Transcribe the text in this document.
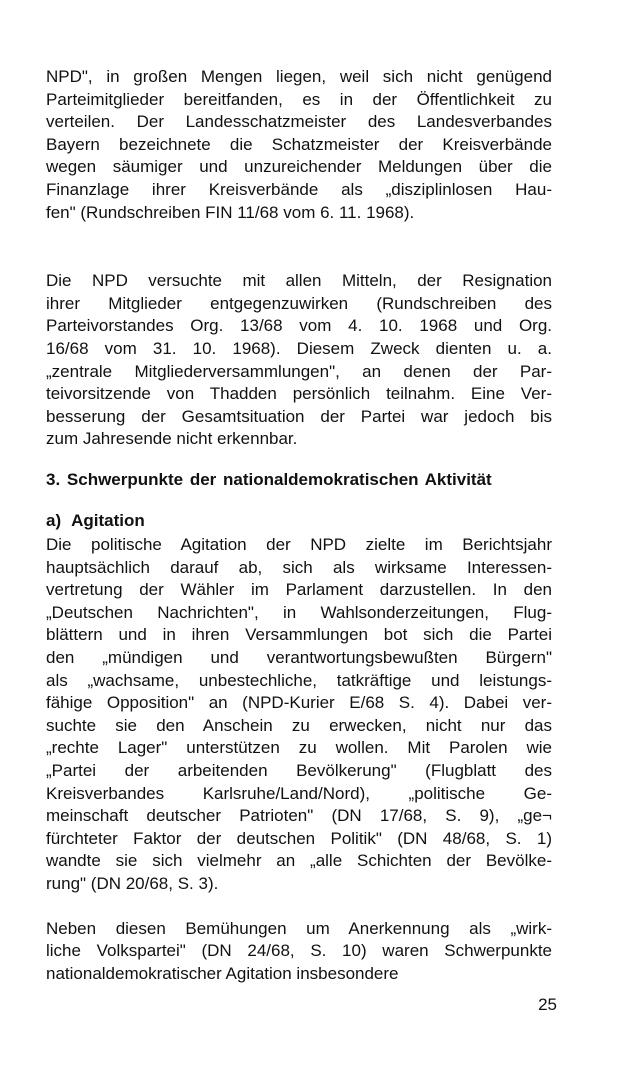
NPD", in großen Mengen liegen, weil sich nicht genügend
Parteimitglieder bereitfanden, es in der Öffentlichkeit zu
verteilen. Der Landesschatzmeister des Landesverbandes
Bayern bezeichnete die Schatzmeister der Kreisverbände
wegen säumiger und unzureichender Meldungen über die
Finanzlage ihrer Kreisverbände als „disziplinlosen Hau-
fen" (Rundschreiben FIN 11/68 vom 6. 11. 1968).

Die NPD versuchte mit allen Mitteln, der Resignation
ihrer Mitglieder entgegenzuwirken (Rundschreiben des
Parteivorstandes Org. 13/68 vom 4. 10. 1968 und Org.
16/68 vom 31. 10. 1968). Diesem Zweck dienten u. a.
„zentrale Mitgliederversammlungen", an denen der Par-
teivorsitzende von Thadden persönlich teilnahm. Eine Ver-
besserung der Gesamtsituation der Partei war jedoch bis
zum Jahresende nicht erkennbar.

3. Schwerpunkte der nationaldemokratischen Aktivität
a) Agitation

Die politische Agitation der NPD zielte im Berichtsjahr
hauptsächlich darauf ab, sich als wirksame Interessen-
vertretung der Wähler im Parlament darzustellen. In den
„Deutschen Nachrichten", in Wahlsonderzeitungen, Flug-
blättern und in ihren Versammlungen bot sich die Partei
den „mündigen und verantwortungsbewußten Bürgern"
als „wachsame, unbestechliche, tatkräftige und leistungs-
fähige Opposition" an (NPD-Kurier E/68 S. 4). Dabei ver-
suchte sie den Anschein zu erwecken, nicht nur das
„rechte Lager" unterstützen zu wollen. Mit Parolen wie
„Partei der arbeitenden Bevölkerung" (Flugblatt des
Kreisverbandes Karlsruhe/Land/Nord), „politische Ge-
meinschaft deutscher Patrioten" (DN 17/68, S. 9), „ge¬
fürchteter Faktor der deutschen Politik" (DN 48/68, S. 1)
wandte sie sich vielmehr an „alle Schichten der Bevölke-
rung" (DN 20/68, S. 3).

Neben diesen Bemühungen um Anerkennung als „wirk-
liche Volkspartei" (DN 24/68, S. 10) waren Schwerpunkte
nationaldemokratischer Agitation insbesondere

25
